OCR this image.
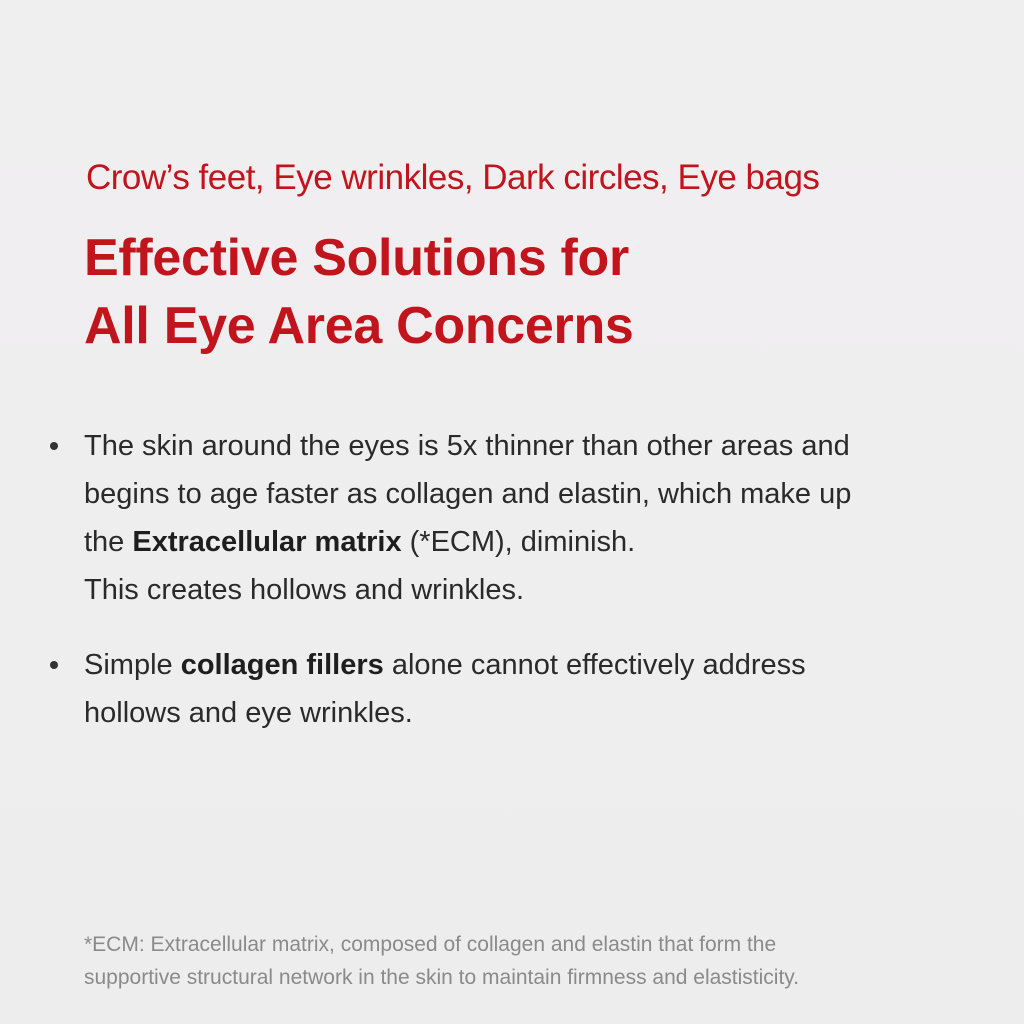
Crow’s feet, Eye wrinkles, Dark circles, Eye bags
Effective Solutions for
All Eye Area Concerns
The skin around the eyes is 5x thinner than other areas and
begins to age faster as collagen and elastin, which make up
the Extracellular matrix (*ECM), diminish.
This creates hollows and wrinkles.
Simple collagen fillers alone cannot effectively address
hollows and eye wrinkles.
*ECM: Extracellular matrix, composed of collagen and elastin that form the
supportive structural network in the skin to maintain firmness and elastisticity.
